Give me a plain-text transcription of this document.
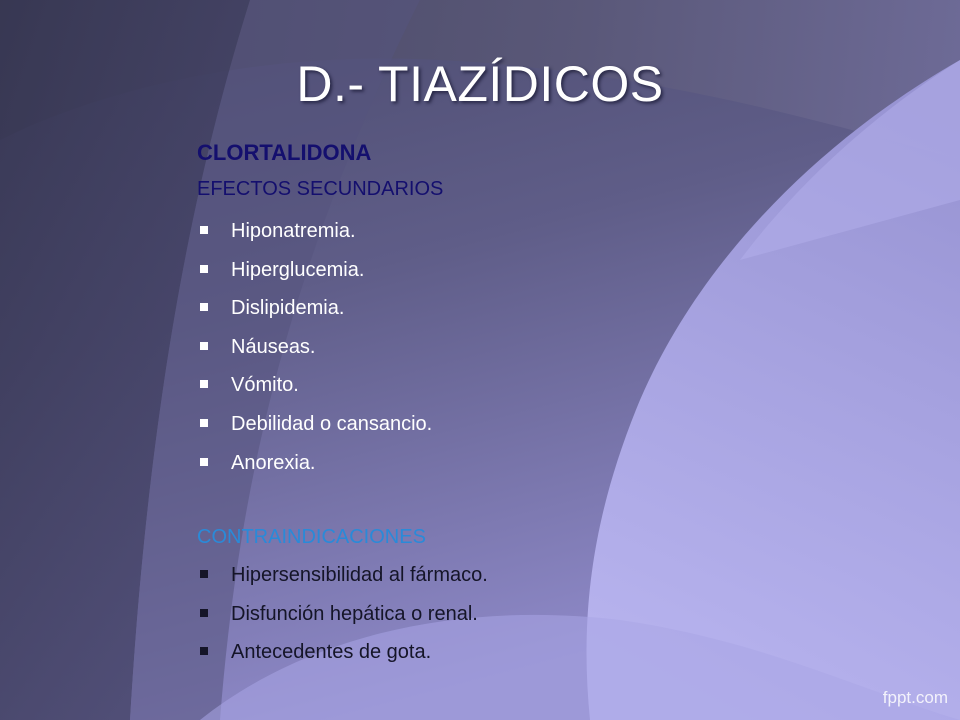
D.- TIAZÍDICOS
CLORTALIDONA
EFECTOS SECUNDARIOS
Hiponatremia.
Hiperglucemia.
Dislipidemia.
Náuseas.
Vómito.
Debilidad o cansancio.
Anorexia.
CONTRAINDICACIONES
Hipersensibilidad al fármaco.
Disfunción hepática o renal.
Antecedentes de gota.
fppt.com
